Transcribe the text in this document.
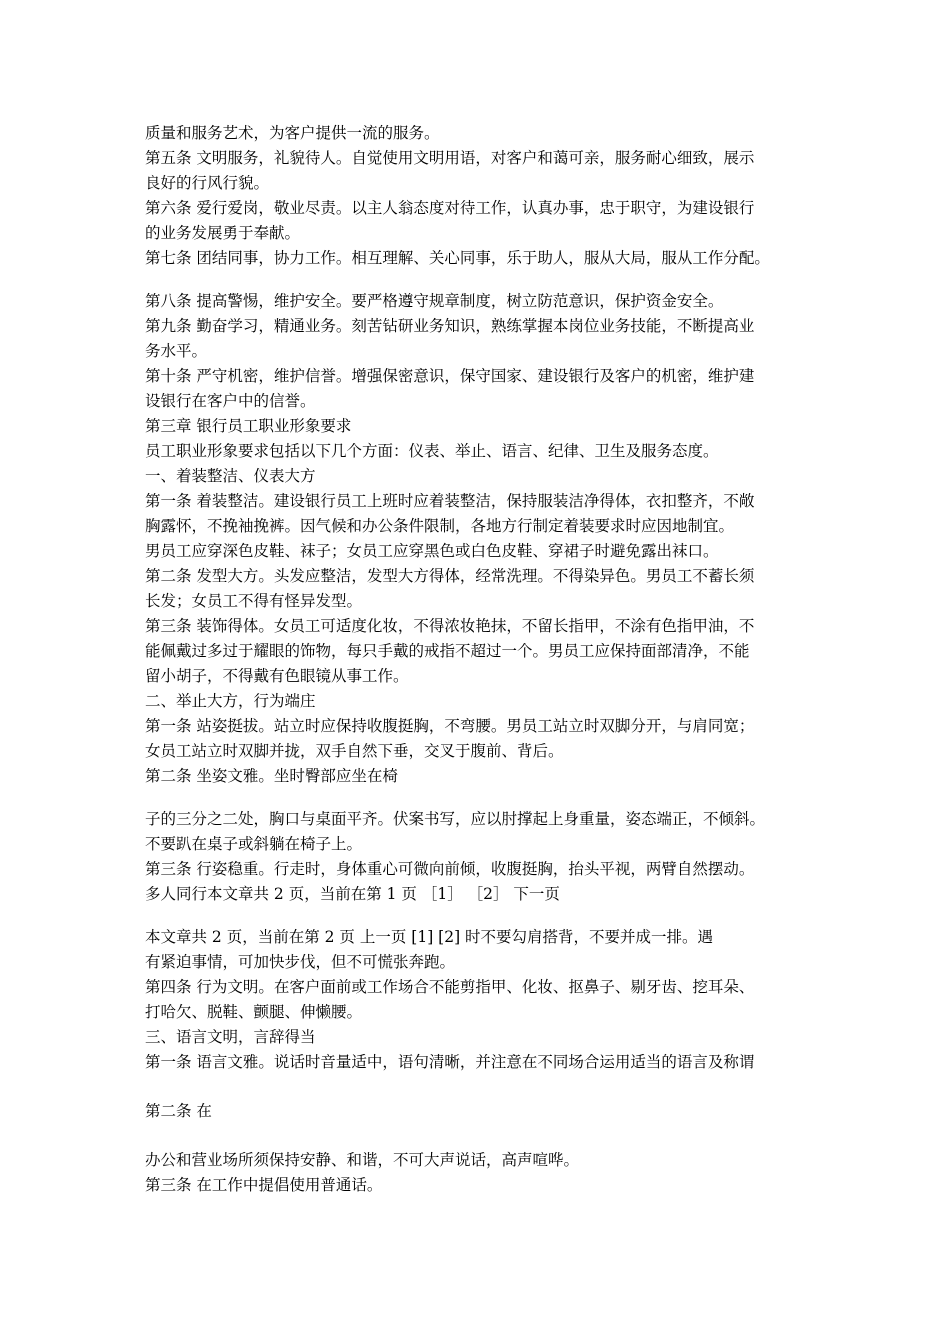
质量和服务艺术，为客户提供一流的服务。
第五条 文明服务，礼貌待人。自觉使用文明用语，对客户和蔼可亲，服务耐心细致，展示
良好的行风行貌。
第六条 爱行爱岗，敬业尽责。以主人翁态度对待工作，认真办事，忠于职守，为建设银行
的业务发展勇于奉献。
第七条 团结同事，协力工作。相互理解、关心同事，乐于助人，服从大局，服从工作分配。
第八条 提高警惕，维护安全。要严格遵守规章制度，树立防范意识，保护资金安全。
第九条 勤奋学习，精通业务。刻苦钻研业务知识，熟练掌握本岗位业务技能，不断提高业
务水平。
第十条 严守机密，维护信誉。增强保密意识，保守国家、建设银行及客户的机密，维护建
设银行在客户中的信誉。
第三章 银行员工职业形象要求
员工职业形象要求包括以下几个方面：仪表、举止、语言、纪律、卫生及服务态度。
一、着装整洁、仪表大方
第一条 着装整洁。建设银行员工上班时应着装整洁，保持服装洁净得体，衣扣整齐，不敞
胸露怀，不挽袖挽裤。因气候和办公条件限制，各地方行制定着装要求时应因地制宜。
男员工应穿深色皮鞋、袜子；女员工应穿黑色或白色皮鞋、穿裙子时避免露出袜口。
第二条 发型大方。头发应整洁，发型大方得体，经常洗理。不得染异色。男员工不蓄长须
长发；女员工不得有怪异发型。
第三条 装饰得体。女员工可适度化妆，不得浓妆艳抹，不留长指甲，不涂有色指甲油，不
能佩戴过多过于耀眼的饰物，每只手戴的戒指不超过一个。男员工应保持面部清净，不能
留小胡子，不得戴有色眼镜从事工作。
二、举止大方，行为端庄
第一条 站姿挺拔。站立时应保持收腹挺胸，不弯腰。男员工站立时双脚分开，与肩同宽；
女员工站立时双脚并拢，双手自然下垂，交叉于腹前、背后。
第二条 坐姿文雅。坐时臀部应坐在椅
子的三分之二处，胸口与桌面平齐。伏案书写，应以肘撑起上身重量，姿态端正，不倾斜。
不要趴在桌子或斜躺在椅子上。
第三条 行姿稳重。行走时，身体重心可微向前倾，收腹挺胸，抬头平视，两臂自然摆动。
多人同行本文章共 2 页，当前在第 1 页 ［1］ ［2］ 下一页
本文章共 2 页，当前在第 2 页 上一页 [1] [2] 时不要勾肩搭背，不要并成一排。遇
有紧迫事情，可加快步伐，但不可慌张奔跑。
第四条 行为文明。在客户面前或工作场合不能剪指甲、化妆、抠鼻子、剔牙齿、挖耳朵、
打哈欠、脱鞋、颤腿、伸懒腰。
三、语言文明，言辞得当
第一条 语言文雅。说话时音量适中，语句清晰，并注意在不同场合运用适当的语言及称谓
第二条 在
办公和营业场所须保持安静、和谐，不可大声说话，高声喧哗。
第三条 在工作中提倡使用普通话。
